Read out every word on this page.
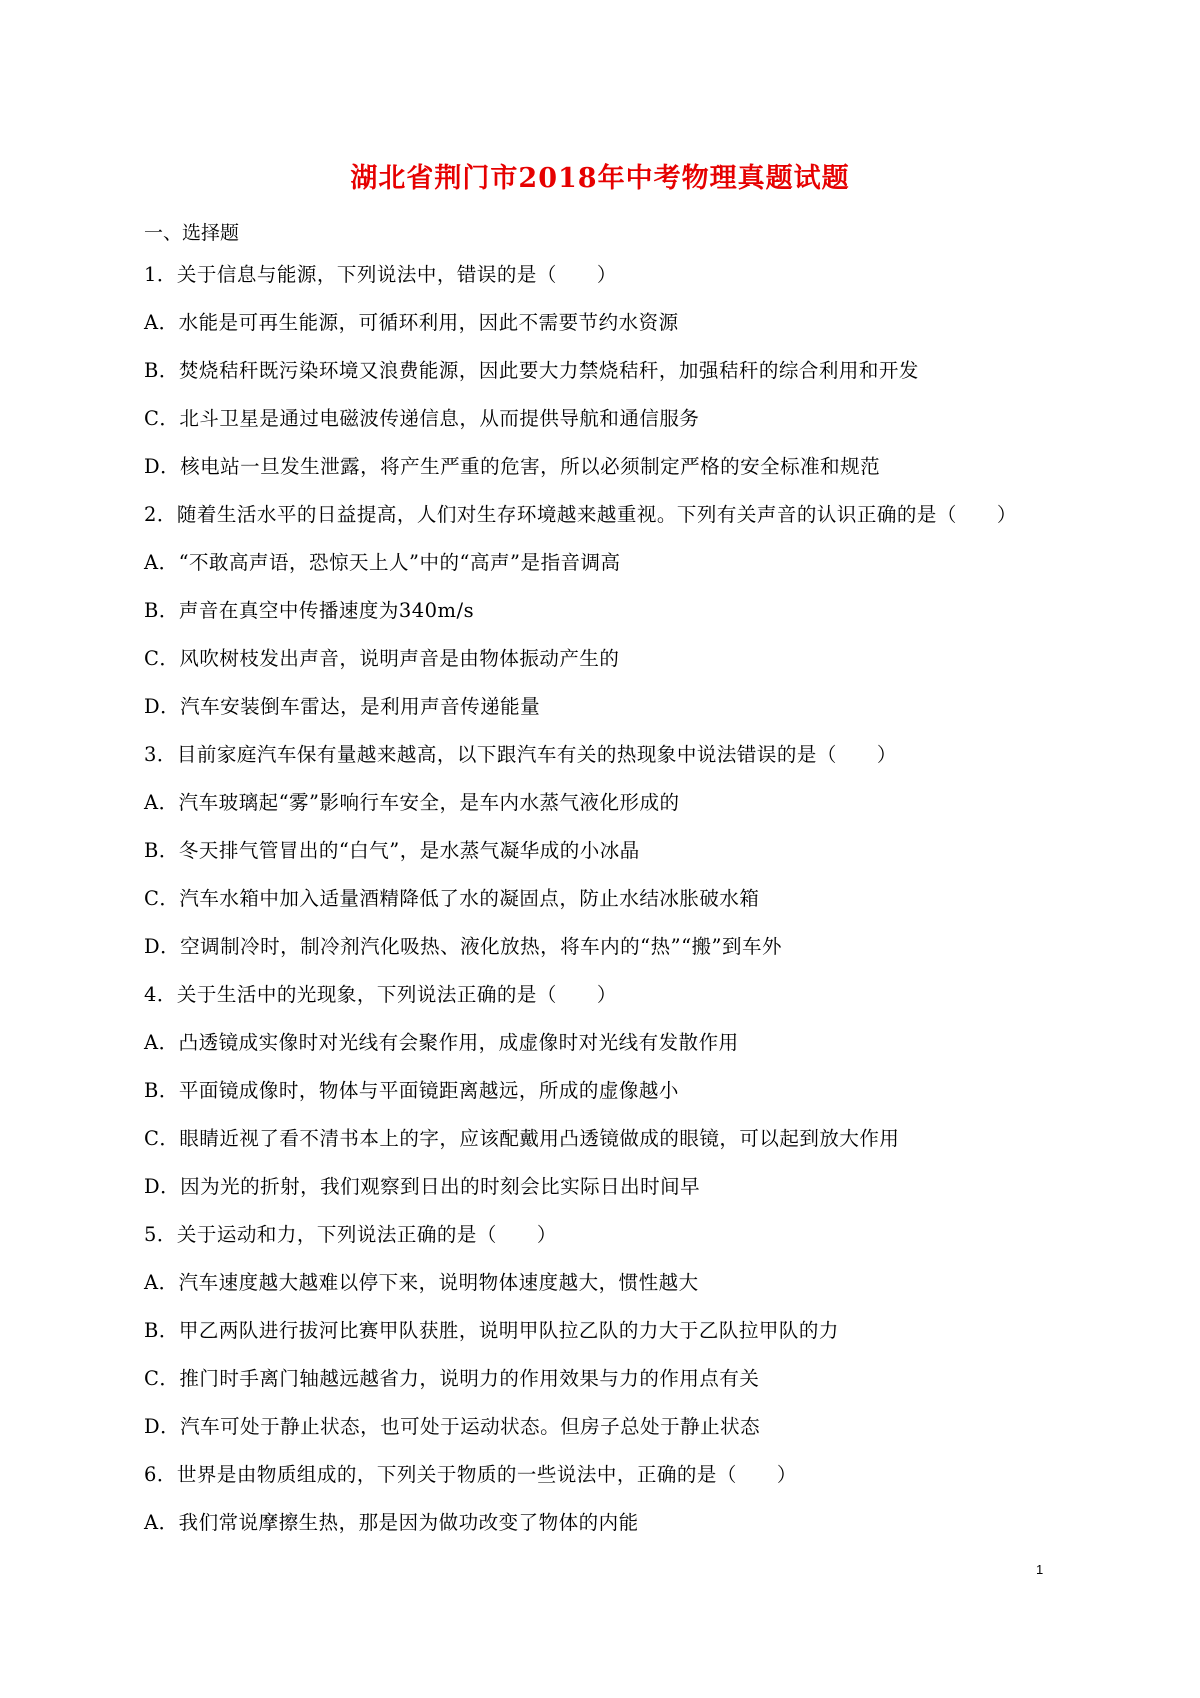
湖北省荆门市2018年中考物理真题试题
一、选择题
1．关于信息与能源，下列说法中，错误的是（　　）
A．水能是可再生能源，可循环利用，因此不需要节约水资源
B．焚烧秸秆既污染环境又浪费能源，因此要大力禁烧秸秆，加强秸秆的综合利用和开发
C．北斗卫星是通过电磁波传递信息，从而提供导航和通信服务
D．核电站一旦发生泄露，将产生严重的危害，所以必须制定严格的安全标准和规范
2．随着生活水平的日益提高，人们对生存环境越来越重视。下列有关声音的认识正确的是（　　）
A．“不敢高声语，恐惊天上人”中的“高声”是指音调高
B．声音在真空中传播速度为340m/s
C．风吹树枝发出声音，说明声音是由物体振动产生的
D．汽车安装倒车雷达，是利用声音传递能量
3．目前家庭汽车保有量越来越高，以下跟汽车有关的热现象中说法错误的是（　　）
A．汽车玻璃起“雾”影响行车安全，是车内水蒸气液化形成的
B．冬天排气管冒出的“白气”，是水蒸气凝华成的小冰晶
C．汽车水箱中加入适量酒精降低了水的凝固点，防止水结冰胀破水箱
D．空调制冷时，制冷剂汽化吸热、液化放热，将车内的“热”“搬”到车外
4．关于生活中的光现象，下列说法正确的是（　　）
A．凸透镜成实像时对光线有会聚作用，成虚像时对光线有发散作用
B．平面镜成像时，物体与平面镜距离越远，所成的虚像越小
C．眼睛近视了看不清书本上的字，应该配戴用凸透镜做成的眼镜，可以起到放大作用
D．因为光的折射，我们观察到日出的时刻会比实际日出时间早
5．关于运动和力，下列说法正确的是（　　）
A．汽车速度越大越难以停下来，说明物体速度越大，惯性越大
B．甲乙两队进行拔河比赛甲队获胜，说明甲队拉乙队的力大于乙队拉甲队的力
C．推门时手离门轴越远越省力，说明力的作用效果与力的作用点有关
D．汽车可处于静止状态，也可处于运动状态。但房子总处于静止状态
6．世界是由物质组成的，下列关于物质的一些说法中，正确的是（　　）
A．我们常说摩擦生热，那是因为做功改变了物体的内能
1
